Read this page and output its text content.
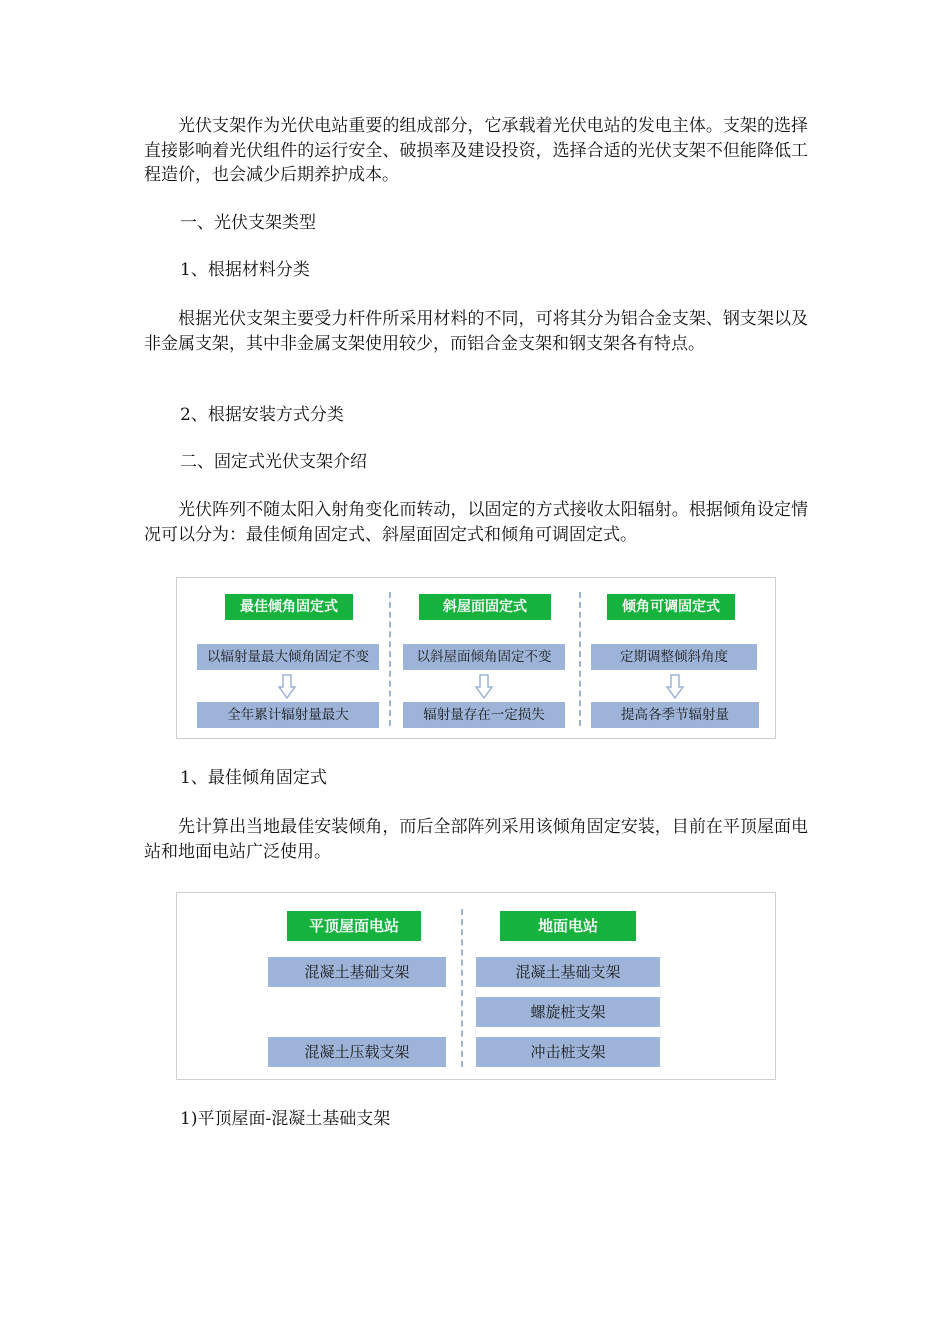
光伏支架作为光伏电站重要的组成部分，它承载着光伏电站的发电主体。支架的选择直接影响着光伏组件的运行安全、破损率及建设投资，选择合适的光伏支架不但能降低工程造价，也会减少后期养护成本。

一、光伏支架类型

1、根据材料分类

根据光伏支架主要受力杆件所采用材料的不同，可将其分为铝合金支架、钢支架以及非金属支架，其中非金属支架使用较少，而铝合金支架和钢支架各有特点。

2、根据安装方式分类

二、固定式光伏支架介绍

光伏阵列不随太阳入射角变化而转动，以固定的方式接收太阳辐射。根据倾角设定情况可以分为：最佳倾角固定式、斜屋面固定式和倾角可调固定式。

最佳倾角固定式
以辐射量最大倾角固定不变
全年累计辐射量最大
斜屋面固定式
以斜屋面倾角固定不变
辐射量存在一定损失
倾角可调固定式
定期调整倾斜角度
提高各季节辐射量

1、最佳倾角固定式

先计算出当地最佳安装倾角，而后全部阵列采用该倾角固定安装，目前在平顶屋面电站和地面电站广泛使用。

平顶屋面电站
混凝土基础支架
混凝土压载支架
地面电站
混凝土基础支架
螺旋桩支架
冲击桩支架

1)平顶屋面-混凝土基础支架
